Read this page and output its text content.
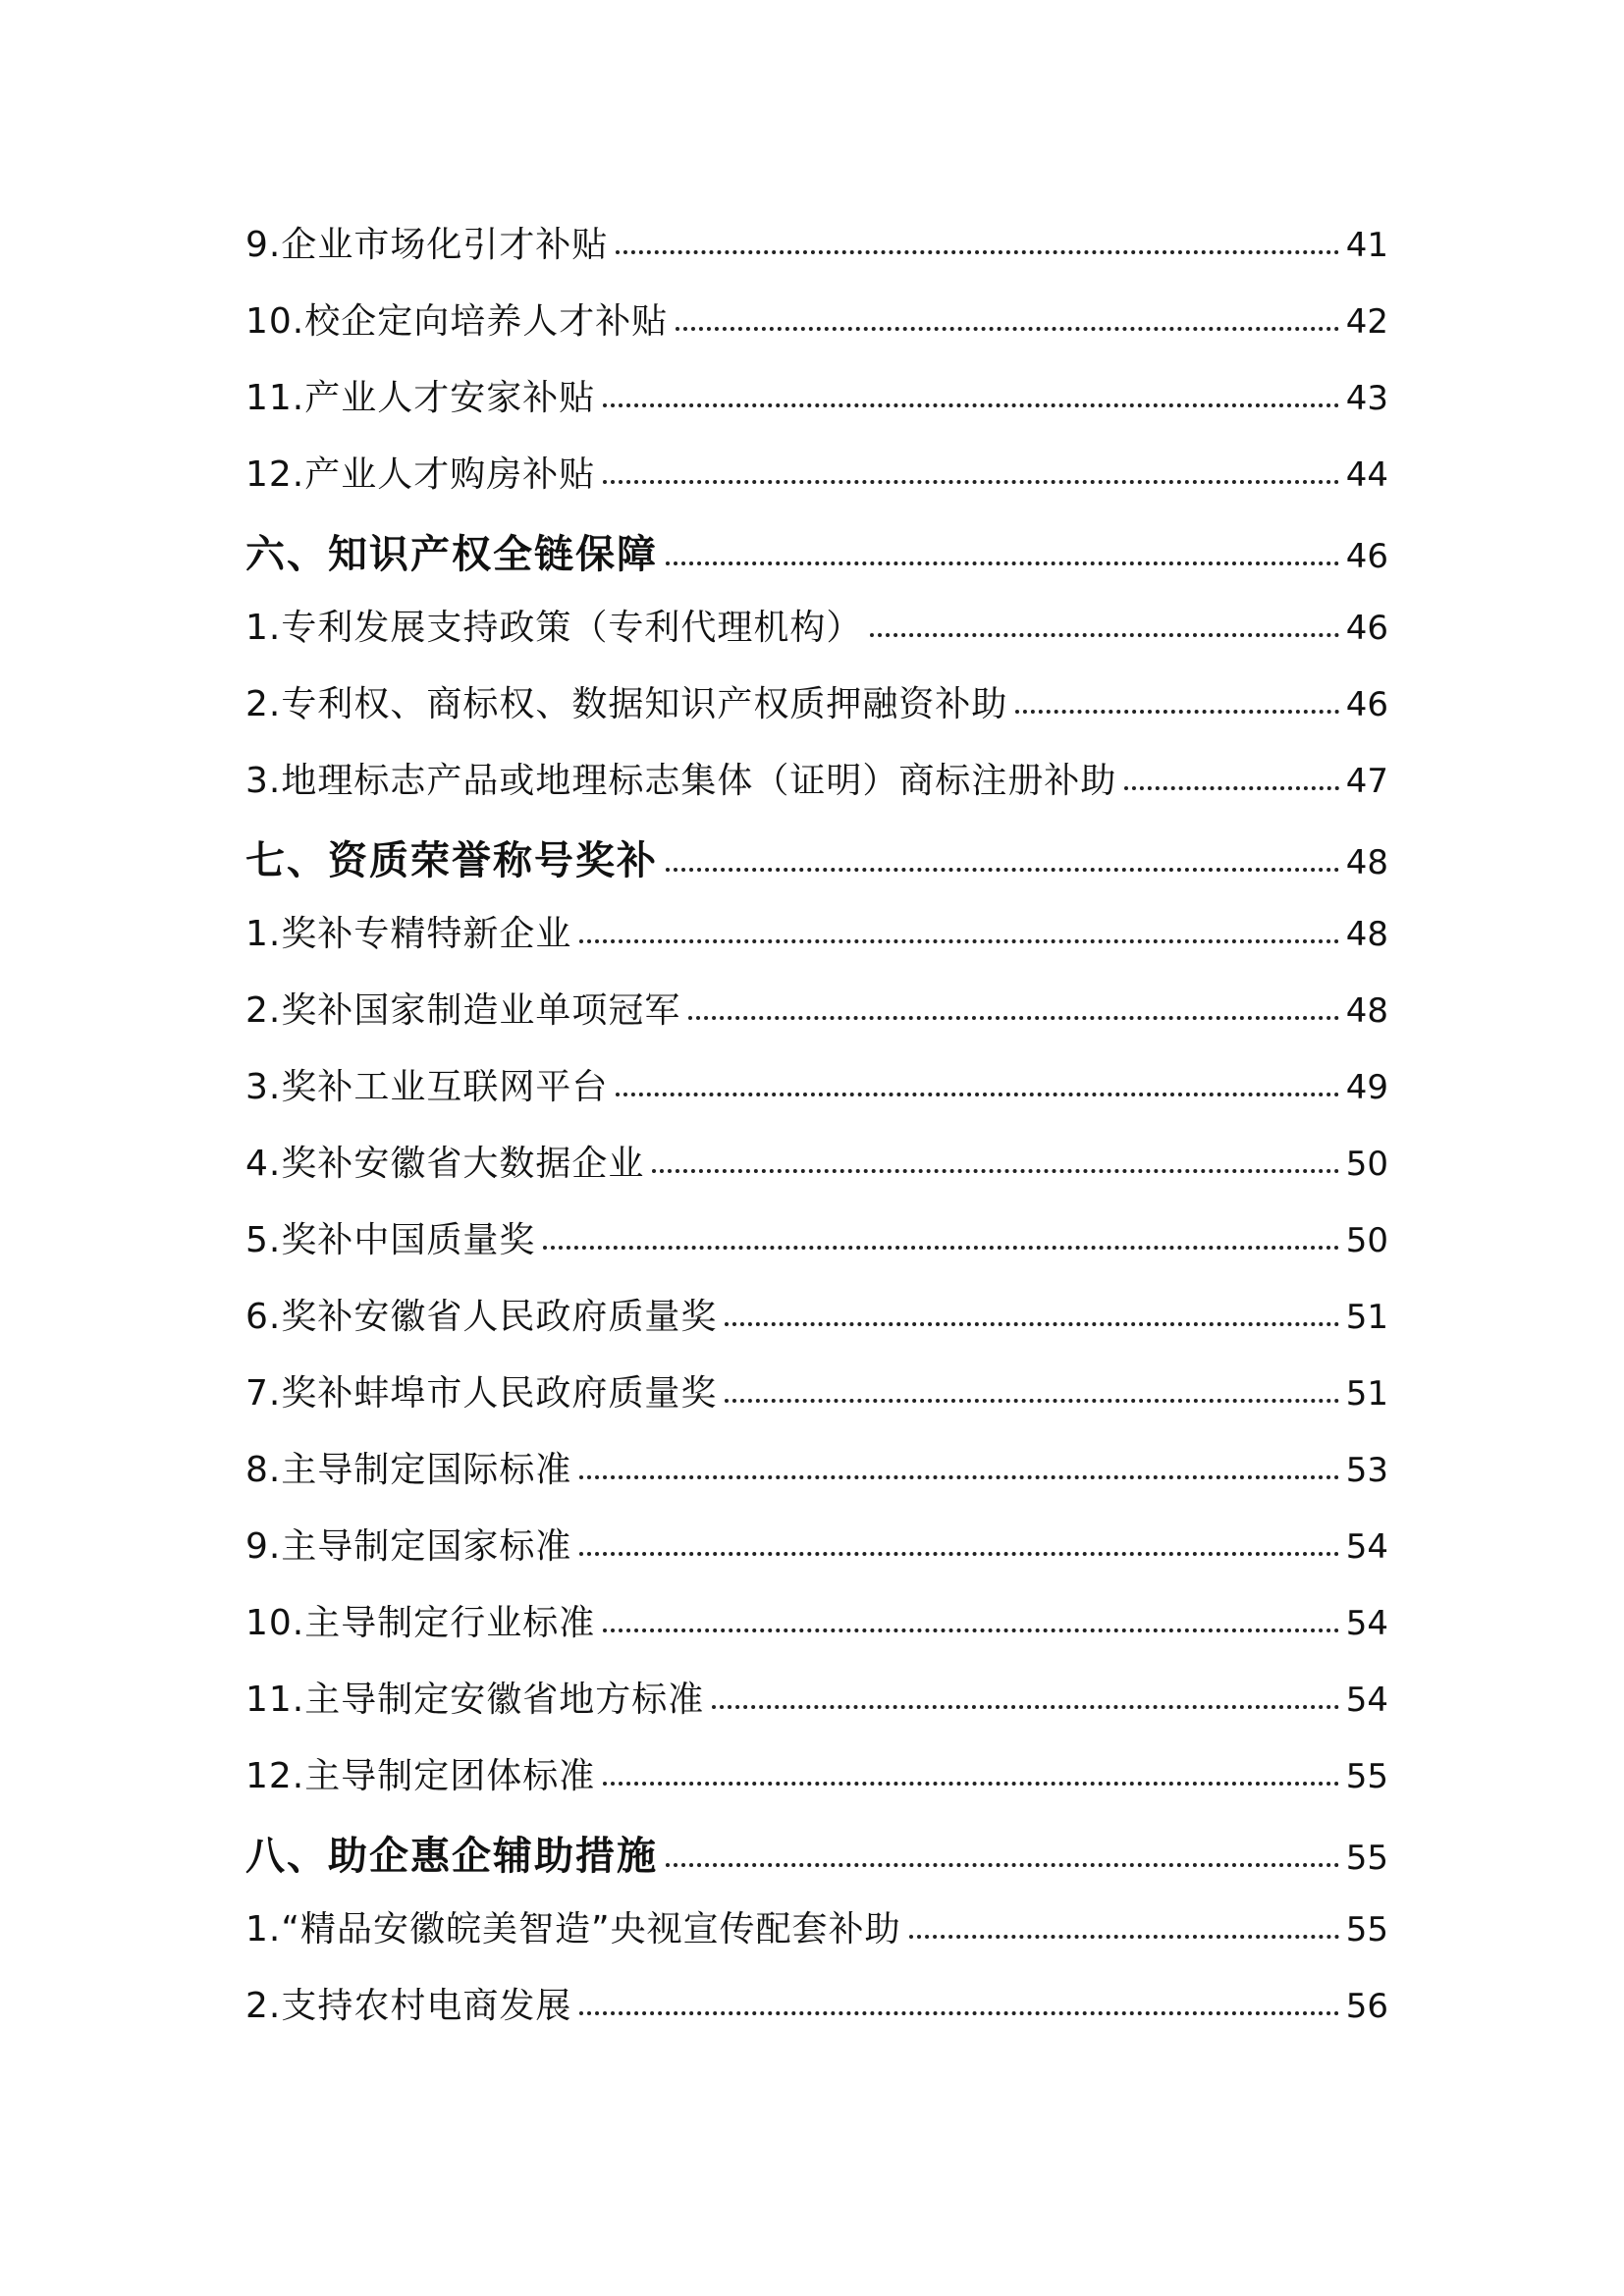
9.企业市场化引才补贴	41
10.校企定向培养人才补贴	42
11.产业人才安家补贴	43
12.产业人才购房补贴	44
六、知识产权全链保障	46
1.专利发展支持政策（专利代理机构）	46
2.专利权、商标权、数据知识产权质押融资补助	46
3.地理标志产品或地理标志集体（证明）商标注册补助	47
七、资质荣誉称号奖补	48
1.奖补专精特新企业	48
2.奖补国家制造业单项冠军	48
3.奖补工业互联网平台	49
4.奖补安徽省大数据企业	50
5.奖补中国质量奖	50
6.奖补安徽省人民政府质量奖	51
7.奖补蚌埠市人民政府质量奖	51
8.主导制定国际标准	53
9.主导制定国家标准	54
10.主导制定行业标准	54
11.主导制定安徽省地方标准	54
12.主导制定团体标准	55
八、助企惠企辅助措施	55
1.“精品安徽皖美智造”央视宣传配套补助	55
2.支持农村电商发展	56
